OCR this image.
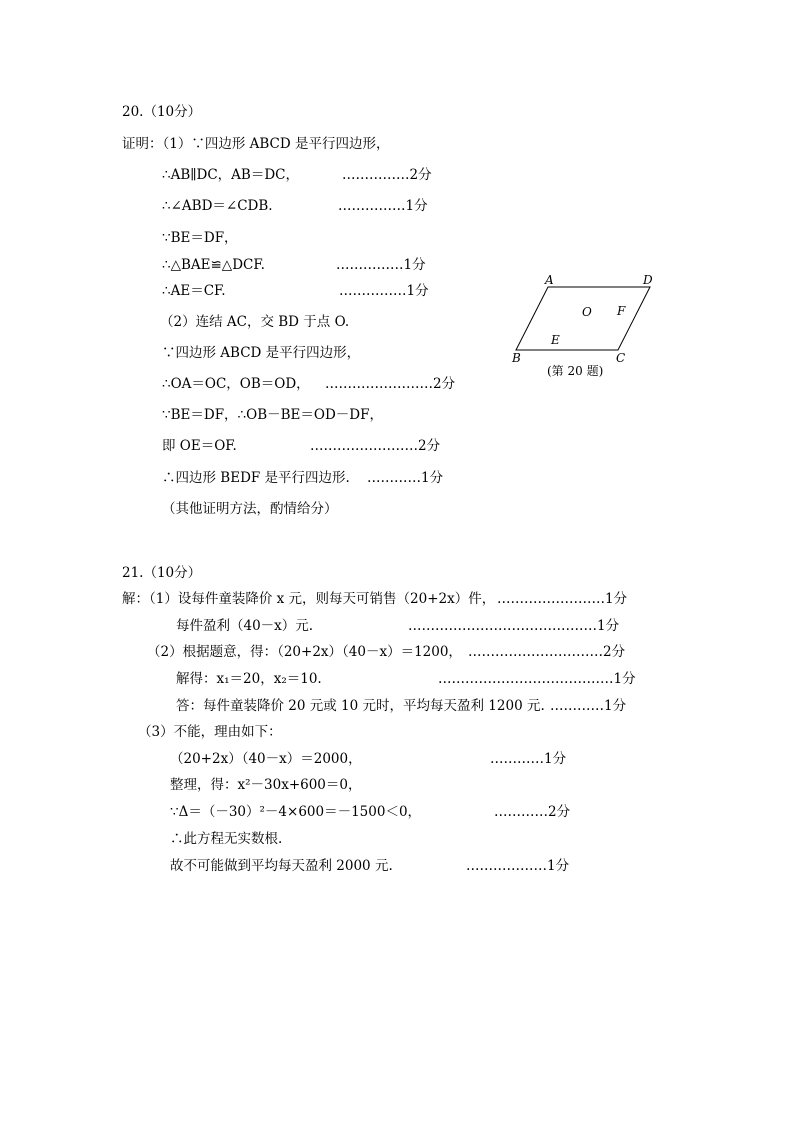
20.（10分）
证明：（1）∵四边形 ABCD 是平行四边形，
∴AB∥DC，AB＝DC，	……………2分
∴∠ABD＝∠CDB.	……………1分
∵BE＝DF，
∴△BAE≌△DCF.	……………1分
∴AE＝CF.	……………1分
（2）连结 AC，交 BD 于点 O.
∵四边形 ABCD 是平行四边形，
∴OA＝OC，OB＝OD， ……………………2分
∵BE＝DF，∴OB－BE＝OD－DF，
即 OE＝OF.	……………………2分
∴四边形 BEDF 是平行四边形. …………1分
（其他证明方法，酌情给分）
A	D
B	C
O F
E
(第 20 题)
21.（10分）
解：（1）设每件童装降价 x 元，则每天可销售（20+2x）件， ……………………1分
每件盈利（40－x）元.	……………………………………1分
（2）根据题意，得：（20+2x）（40－x）＝1200， …………………………2分
解得：x₁＝20，x₂＝10.	…………………………………1分
答：每件童装降价 20 元或 10 元时，平均每天盈利 1200 元. …………1分
（3）不能，理由如下：
（20+2x）（40－x）＝2000，	…………1分
整理，得：x²－30x+600＝0，
∵Δ＝（－30）²－4×600＝－1500＜0，	…………2分
∴此方程无实数根.
故不可能做到平均每天盈利 2000 元.	………………1分
